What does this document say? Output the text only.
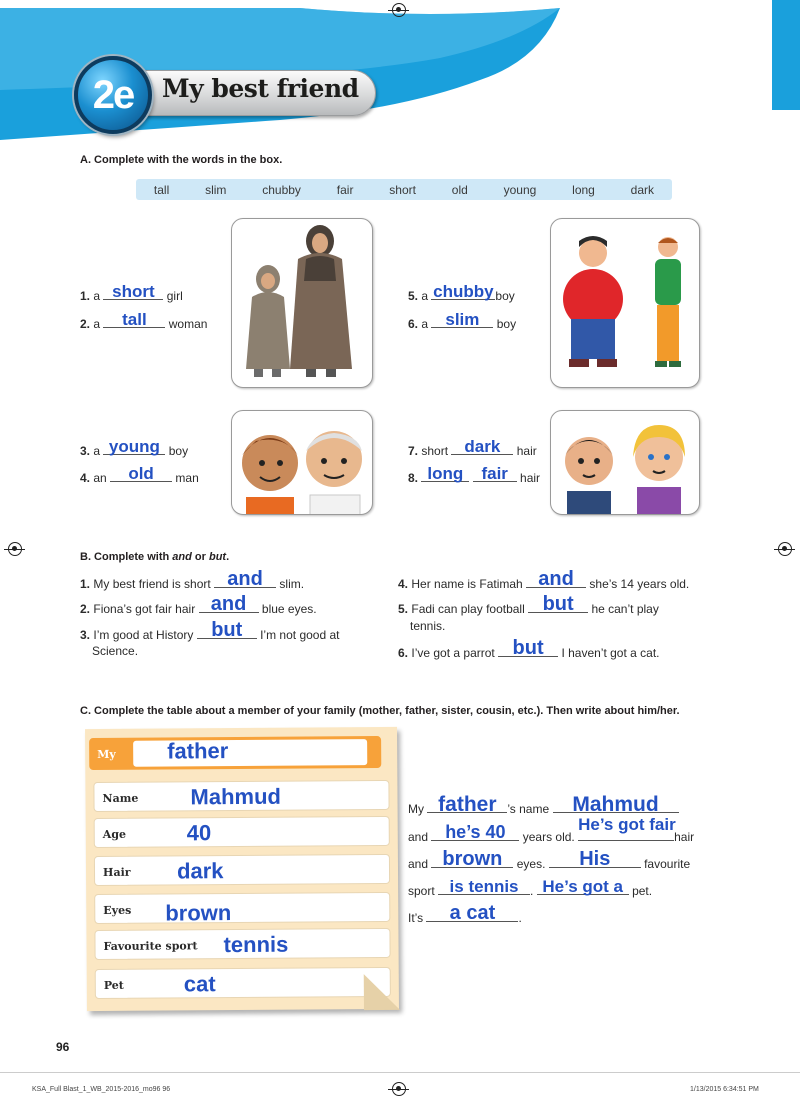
2e	My best friend
A. Complete with the words in the box.
tall	slim	chubby	fair	short	old	young	long	dark
1. a short	girl
2. a	tall	woman
5. a chubby boy
6. a	slim	boy
3. a young boy
4. an	old	man
7. short dark	hair
8. long
	fair	hair
B. Complete with and or but.
1. My best friend is short and	slim.
2. Fiona’s got fair hair and	blue eyes.
3. I’m good at History but	I’m not good at
Science.
4. Her name is Fatimah and	she’s 14 years old.
5. Fadi can play football but	he can’t play
tennis.
6. I’ve got a parrot but	I haven’t got a cat.
C. Complete the table about a member of your family (mother, father, sister, cousin, etc.). Then write about him/her.
My father
Name Mahmud
Age	40
Hair dark
Eyes brown
Favourite sport tennis
Pet	cat
My father ’s name	Mahmud
and he’s 40	years old.
He’s got fair
hair
and brown	eyes.	His	favourite
sport is tennis . He’s got a pet.
It’s	a cat	.
96
KSA_Full Blast_1_WB_2015-2016_mo96 96	1/13/2015 6:34:51 PM
